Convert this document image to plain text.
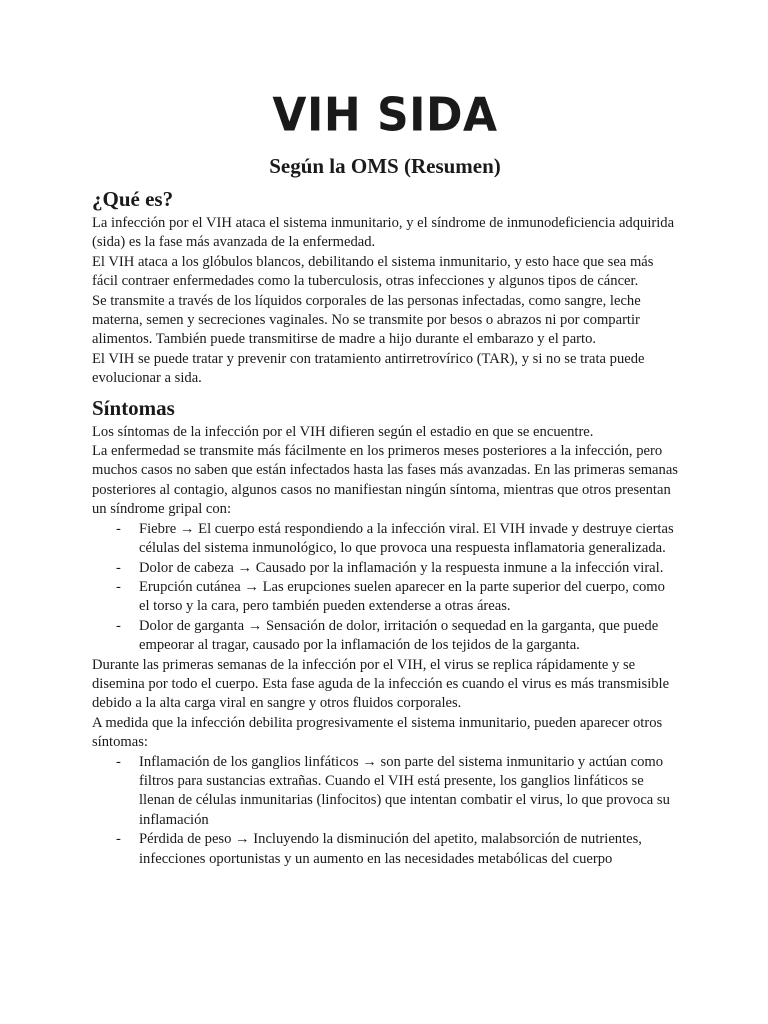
VIH SIDA
Según la OMS (Resumen)
¿Qué es?

La infección por el VIH ataca el sistema inmunitario, y el síndrome de inmunodeficiencia adquirida (sida) es la fase más avanzada de la enfermedad.

El VIH ataca a los glóbulos blancos, debilitando el sistema inmunitario, y esto hace que sea más fácil contraer enfermedades como la tuberculosis, otras infecciones y algunos tipos de cáncer.

Se transmite a través de los líquidos corporales de las personas infectadas, como sangre, leche materna, semen y secreciones vaginales. No se transmite por besos o abrazos ni por compartir alimentos. También puede transmitirse de madre a hijo durante el embarazo y el parto.

El VIH se puede tratar y prevenir con tratamiento antirretrovírico (TAR), y si no se trata puede evolucionar a sida.

Síntomas

Los síntomas de la infección por el VIH difieren según el estadio en que se encuentre.

La enfermedad se transmite más fácilmente en los primeros meses posteriores a la infección, pero muchos casos no saben que están infectados hasta las fases más avanzadas. En las primeras semanas posteriores al contagio, algunos casos no manifiestan ningún síntoma, mientras que otros presentan un síndrome gripal con:

- Fiebre → El cuerpo está respondiendo a la infección viral. El VIH invade y destruye ciertas células del sistema inmunológico, lo que provoca una respuesta inflamatoria generalizada.
- Dolor de cabeza → Causado por la inflamación y la respuesta inmune a la infección viral.
- Erupción cutánea → Las erupciones suelen aparecer en la parte superior del cuerpo, como el torso y la cara, pero también pueden extenderse a otras áreas.
- Dolor de garganta → Sensación de dolor, irritación o sequedad en la garganta, que puede empeorar al tragar, causado por la inflamación de los tejidos de la garganta.

Durante las primeras semanas de la infección por el VIH, el virus se replica rápidamente y se disemina por todo el cuerpo. Esta fase aguda de la infección es cuando el virus es más transmisible debido a la alta carga viral en sangre y otros fluidos corporales.

A medida que la infección debilita progresivamente el sistema inmunitario, pueden aparecer otros síntomas:

- Inflamación de los ganglios linfáticos → son parte del sistema inmunitario y actúan como filtros para sustancias extrañas. Cuando el VIH está presente, los ganglios linfáticos se llenan de células inmunitarias (linfocitos) que intentan combatir el virus, lo que provoca su inflamación
- Pérdida de peso → Incluyendo la disminución del apetito, malabsorción de nutrientes, infecciones oportunistas y un aumento en las necesidades metabólicas del cuerpo
